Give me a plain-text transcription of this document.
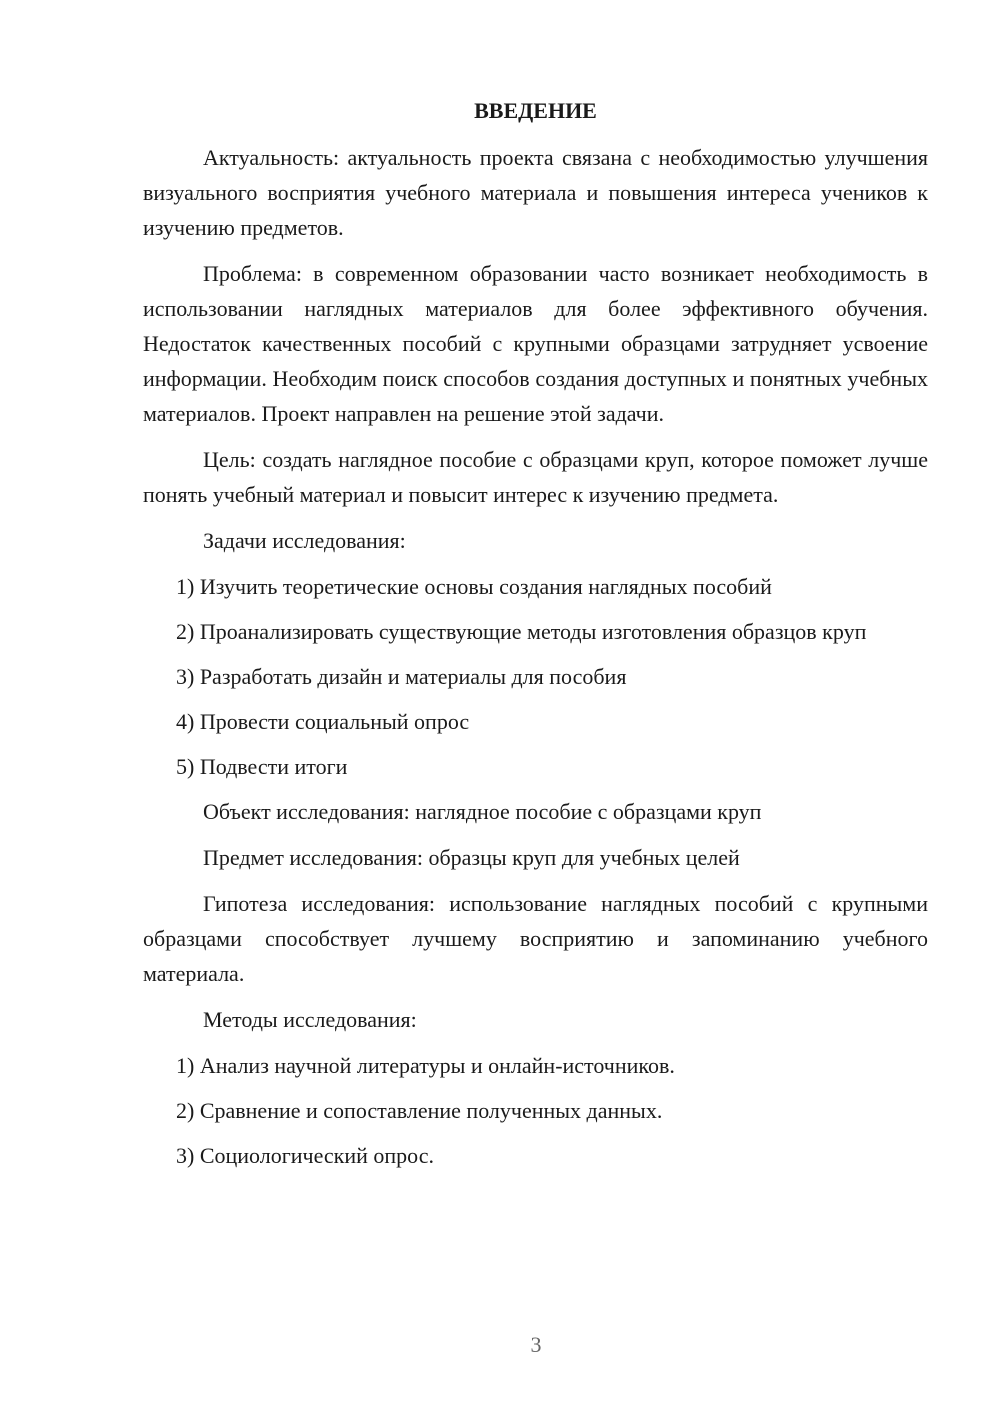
ВВЕДЕНИЕ

Актуальность: актуальность проекта связана с необходимостью улучшения визуального восприятия учебного материала и повышения интереса учеников к изучению предметов.

Проблема: в современном образовании часто возникает необходимость в использовании наглядных материалов для более эффективного обучения. Недостаток качественных пособий с крупными образцами затрудняет усвоение информации. Необходим поиск способов создания доступных и понятных учебных материалов. Проект направлен на решение этой задачи.

Цель: создать наглядное пособие с образцами круп, которое поможет лучше понять учебный материал и повысит интерес к изучению предмета.

Задачи исследования:

1) Изучить теоретические основы создания наглядных пособий

2) Проанализировать существующие методы изготовления образцов круп

3) Разработать дизайн и материалы для пособия

4) Провести социальный опрос

5) Подвести итоги

Объект исследования: наглядное пособие с образцами круп

Предмет исследования: образцы круп для учебных целей

Гипотеза исследования: использование наглядных пособий с крупными образцами способствует лучшему восприятию и запоминанию учебного материала.

Методы исследования:

1) Анализ научной литературы и онлайн-источников.

2) Сравнение и сопоставление полученных данных.

3) Социологический опрос.

3
